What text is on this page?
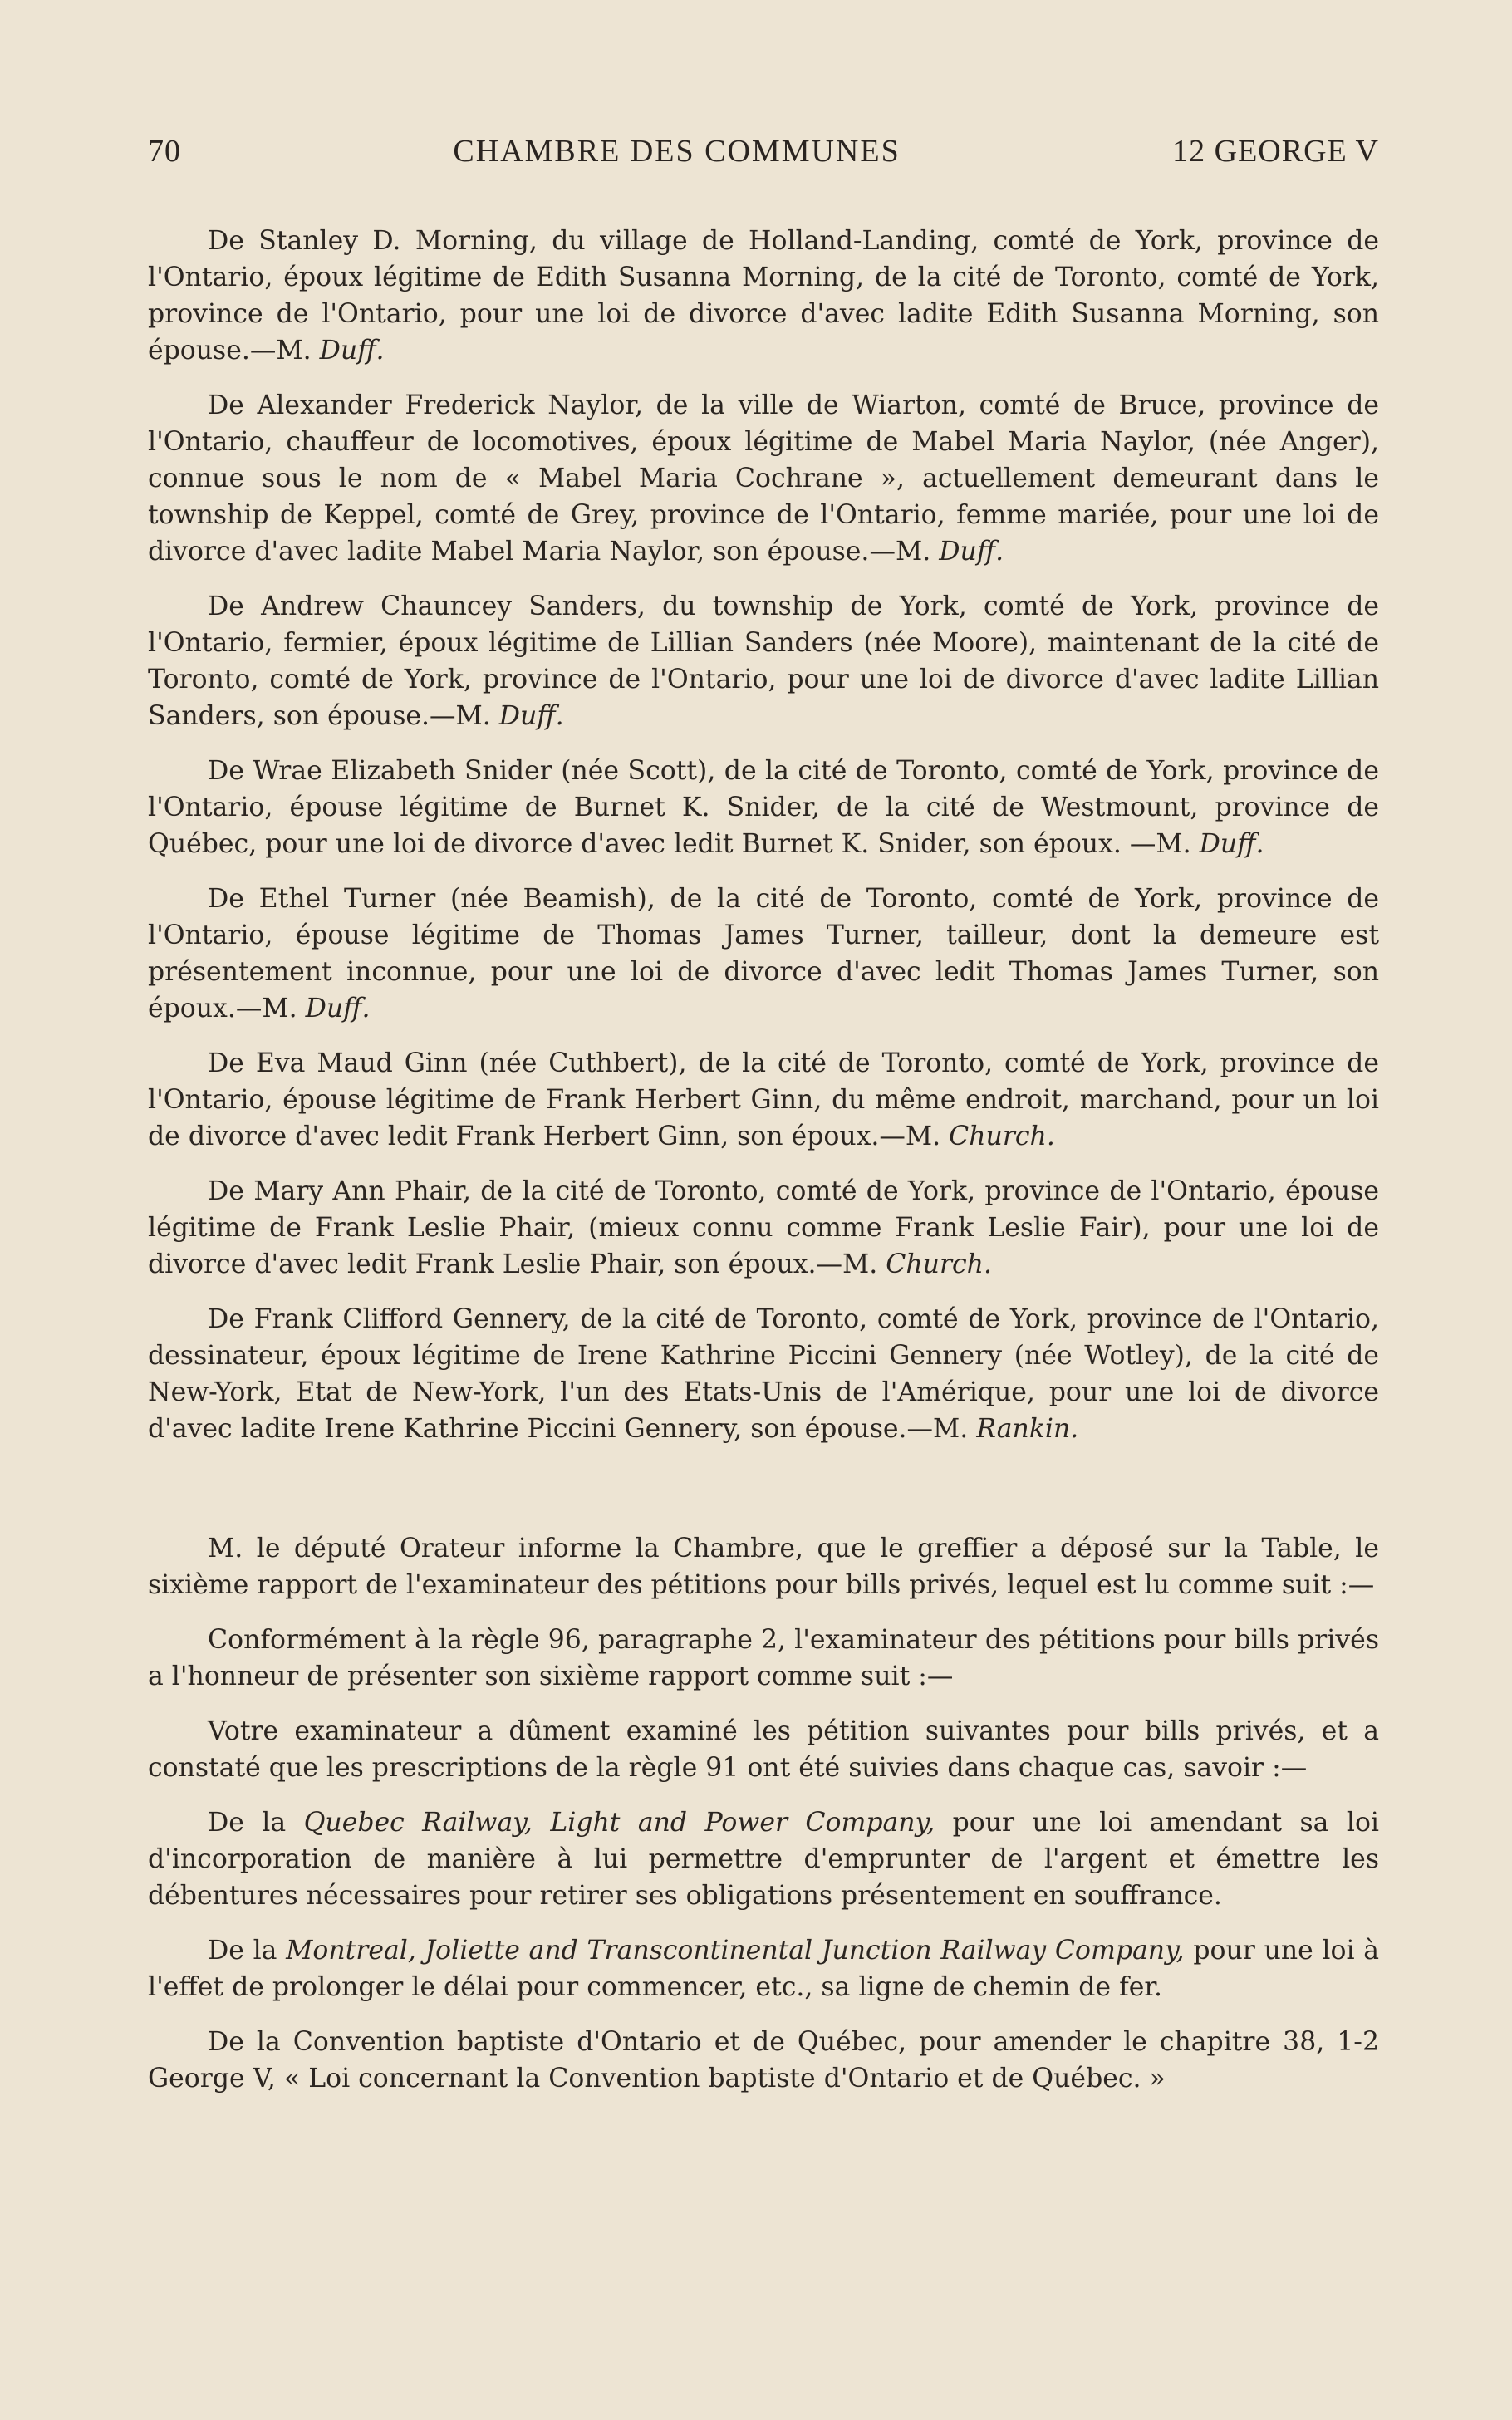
70	CHAMBRE DES COMMUNES	12 GEORGE V

De Stanley D. Morning, du village de Holland-Landing, comté de York, province de l'Ontario, époux légitime de Edith Susanna Morning, de la cité de Toronto, comté de York, province de l'Ontario, pour une loi de divorce d'avec ladite Edith Susanna Morning, son épouse.—M. Duff.

De Alexander Frederick Naylor, de la ville de Wiarton, comté de Bruce, province de l'Ontario, chauffeur de locomotives, époux légitime de Mabel Maria Naylor, (née Anger), connue sous le nom de « Mabel Maria Cochrane », actuellement demeurant dans le township de Keppel, comté de Grey, province de l'Ontario, femme mariée, pour une loi de divorce d'avec ladite Mabel Maria Naylor, son épouse.—M. Duff.

De Andrew Chauncey Sanders, du township de York, comté de York, province de l'Ontario, fermier, époux légitime de Lillian Sanders (née Moore), maintenant de la cité de Toronto, comté de York, province de l'Ontario, pour une loi de divorce d'avec ladite Lillian Sanders, son épouse.—M. Duff.

De Wrae Elizabeth Snider (née Scott), de la cité de Toronto, comté de York, province de l'Ontario, épouse légitime de Burnet K. Snider, de la cité de Westmount, province de Québec, pour une loi de divorce d'avec ledit Burnet K. Snider, son époux. —M. Duff.

De Ethel Turner (née Beamish), de la cité de Toronto, comté de York, province de l'Ontario, épouse légitime de Thomas James Turner, tailleur, dont la demeure est présentement inconnue, pour une loi de divorce d'avec ledit Thomas James Turner, son époux.—M. Duff.

De Eva Maud Ginn (née Cuthbert), de la cité de Toronto, comté de York, province de l'Ontario, épouse légitime de Frank Herbert Ginn, du même endroit, marchand, pour un loi de divorce d'avec ledit Frank Herbert Ginn, son époux.—M. Church.

De Mary Ann Phair, de la cité de Toronto, comté de York, province de l'Ontario, épouse légitime de Frank Leslie Phair, (mieux connu comme Frank Leslie Fair), pour une loi de divorce d'avec ledit Frank Leslie Phair, son époux.—M. Church.

De Frank Clifford Gennery, de la cité de Toronto, comté de York, province de l'Ontario, dessinateur, époux légitime de Irene Kathrine Piccini Gennery (née Wotley), de la cité de New-York, Etat de New-York, l'un des Etats-Unis de l'Amérique, pour une loi de divorce d'avec ladite Irene Kathrine Piccini Gennery, son épouse.—M. Rankin.

M. le député Orateur informe la Chambre, que le greffier a déposé sur la Table, le sixième rapport de l'examinateur des pétitions pour bills privés, lequel est lu comme suit :—

Conformément à la règle 96, paragraphe 2, l'examinateur des pétitions pour bills privés a l'honneur de présenter son sixième rapport comme suit :—

Votre examinateur a dûment examiné les pétition suivantes pour bills privés, et a constaté que les prescriptions de la règle 91 ont été suivies dans chaque cas, savoir :—

De la Quebec Railway, Light and Power Company, pour une loi amendant sa loi d'incorporation de manière à lui permettre d'emprunter de l'argent et émettre les débentures nécessaires pour retirer ses obligations présentement en souffrance.

De la Montreal, Joliette and Transcontinental Junction Railway Company, pour une loi à l'effet de prolonger le délai pour commencer, etc., sa ligne de chemin de fer.

De la Convention baptiste d'Ontario et de Québec, pour amender le chapitre 38, 1-2 George V, « Loi concernant la Convention baptiste d'Ontario et de Québec. »
